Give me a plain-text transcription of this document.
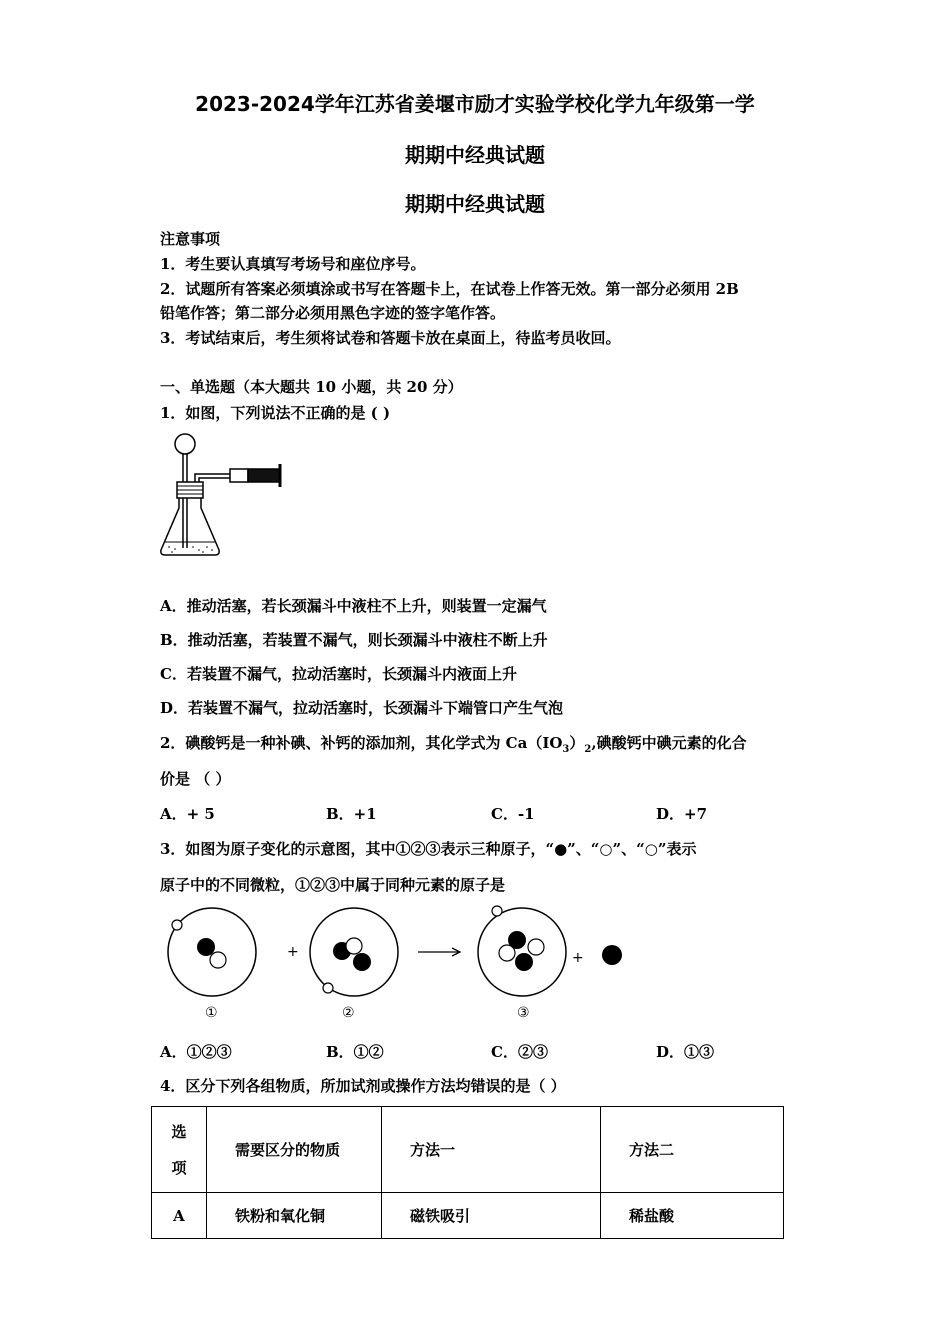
2023-2024学年江苏省姜堰市励才实验学校化学九年级第一学
期期中经典试题
期期中经典试题
注意事项
1．考生要认真填写考场号和座位序号。
2．试题所有答案必须填涂或书写在答题卡上，在试卷上作答无效。第一部分必须用 2B
铅笔作答；第二部分必须用黑色字迹的签字笔作答。
3．考试结束后，考生须将试卷和答题卡放在桌面上，待监考员收回。
一、单选题（本大题共 10 小题，共 20 分）
1．如图，下列说法不正确的是 ( )
A．推动活塞，若长颈漏斗中液柱不上升，则装置一定漏气
B．推动活塞，若装置不漏气，则长颈漏斗中液柱不断上升
C．若装置不漏气，拉动活塞时，长颈漏斗内液面上升
D．若装置不漏气，拉动活塞时，长颈漏斗下端管口产生气泡
2．碘酸钙是一种补碘、补钙的添加剂，其化学式为 $Ca(IO_3)_2$,碘酸钙中碘元素的化合
价是 （ ）
A．+ 5	B．+1	C．-1	D．+7
3．如图为原子变化的示意图，其中①②③表示三种原子，“●”、“○”、“○”表示
原子中的不同微粒，①②③中属于同种元素的原子是
+	+
①	②	③
A．①②③	B．①②	C．②③	D．①③
4．区分下列各组物质，所加试剂或操作方法均错误的是（ ）
选
项	需要区分的物质	方法一	方法二
A	铁粉和氧化铜	磁铁吸引	稀盐酸
